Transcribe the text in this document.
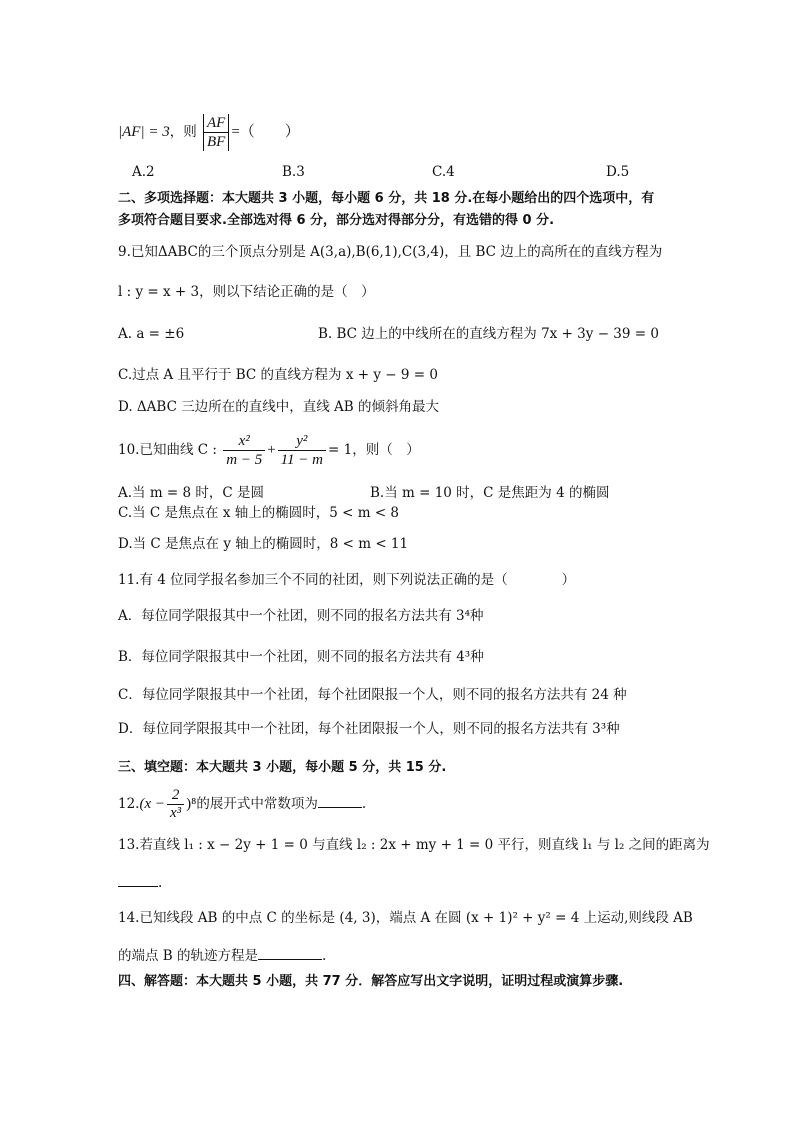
|AF| = 3，则 $\frac{AF}{BF}$ =（　　）
A.2	B.3	C.4	D.5
二、多项选择题：本大题共 3 小题，每小题 6 分，共 18 分.在每小题给出的四个选项中，有
多项符合题目要求.全部选对得 6 分，部分选对得部分分，有选错的得 0 分.
9.已知ΔABC的三个顶点分别是 A(3,a),B(6,1),C(3,4)，且 BC 边上的高所在的直线方程为
l : y = x + 3，则以下结论正确的是（　）
A. a = ±6	B. BC 边上的中线所在的直线方程为 7x + 3y − 39 = 0
C.过点 A 且平行于 BC 的直线方程为 x + y − 9 = 0
D. ΔABC 三边所在的直线中，直线 AB 的倾斜角最大
10.已知曲线 C : $\frac{\text{x²}}{m - 5} + \frac{\text{y²}}{11 - m} = 1$，则（　）
A.当 m = 8 时，C 是圆	B.当 m = 10 时，C 是焦距为 4 的椭圆
C.当 C 是焦点在 x 轴上的椭圆时，5 < m < 8
D.当 C 是焦点在 y 轴上的椭圆时，8 < m < 11
11.有 4 位同学报名参加三个不同的社团，则下列说法正确的是（　　　　）
A．每位同学限报其中一个社团，则不同的报名方法共有 3⁴种
B．每位同学限报其中一个社团，则不同的报名方法共有 4³种
C．每位同学限报其中一个社团，每个社团限报一个人，则不同的报名方法共有 24 种
D．每位同学限报其中一个社团，每个社团限报一个人，则不同的报名方法共有 3³种
三、填空题：本大题共 3 小题，每小题 5 分，共 15 分.
$12.(x - \frac{2}{\text{x³}} )^8$的展开式中常数项为	.
13.若直线 l₁ : x − 2y + 1 = 0 与直线 l₂ : 2x + my + 1 = 0 平行，则直线 l₁ 与 l₂ 之间的距离为
.
14.已知线段 AB 的中点 C 的坐标是 (4, 3)，端点 A 在圆 (x + 1)² + y² = 4 上运动,则线段 AB
的端点 B 的轨迹方程是	.
四、解答题：本大题共 5 小题，共 77 分．解答应写出文字说明，证明过程或演算步骤.
